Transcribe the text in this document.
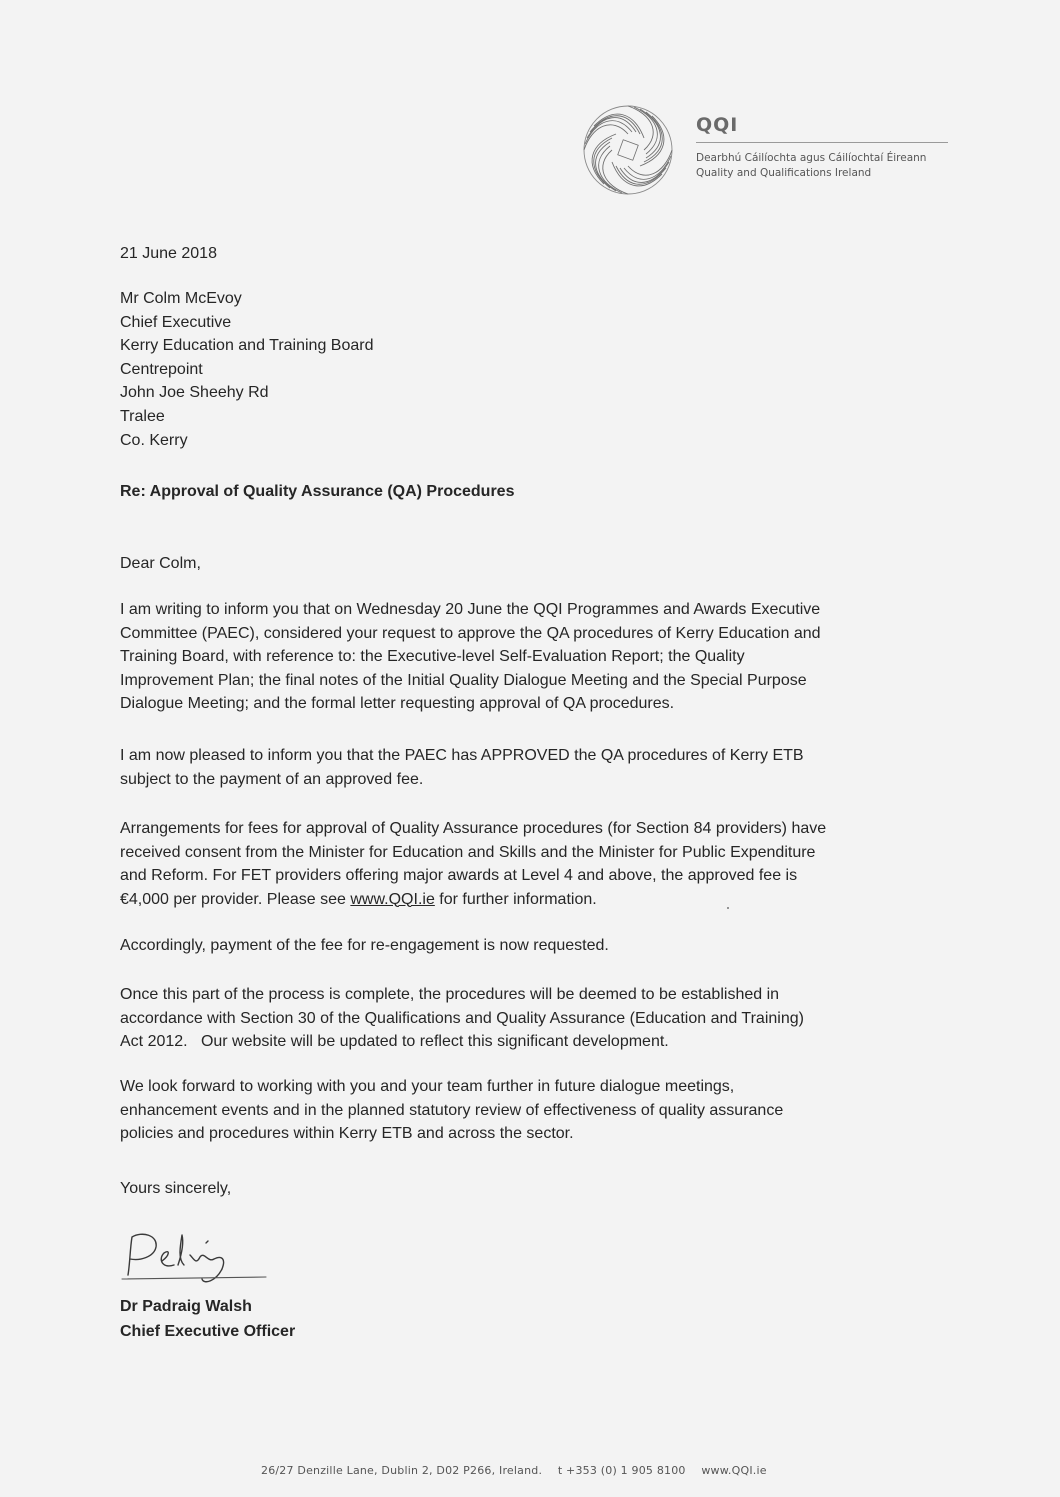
QQI
Dearbhú Cáilíochta agus Cáilíochtaí Éireann
Quality and Qualifications Ireland

21 June 2018

Mr Colm McEvoy
Chief Executive
Kerry Education and Training Board
Centrepoint
John Joe Sheehy Rd
Tralee
Co. Kerry

Re: Approval of Quality Assurance (QA) Procedures

Dear Colm,

I am writing to inform you that on Wednesday 20 June the QQI Programmes and Awards Executive
Committee (PAEC), considered your request to approve the QA procedures of Kerry Education and
Training Board, with reference to: the Executive-level Self-Evaluation Report; the Quality
Improvement Plan; the final notes of the Initial Quality Dialogue Meeting and the Special Purpose
Dialogue Meeting; and the formal letter requesting approval of QA procedures.
I am now pleased to inform you that the PAEC has APPROVED the QA procedures of Kerry ETB
subject to the payment of an approved fee.
Arrangements for fees for approval of Quality Assurance procedures (for Section 84 providers) have
received consent from the Minister for Education and Skills and the Minister for Public Expenditure
and Reform. For FET providers offering major awards at Level 4 and above, the approved fee is
€4,000 per provider. Please see www.QQI.ie for further information.

Accordingly, payment of the fee for re-engagement is now requested.

Once this part of the process is complete, the procedures will be deemed to be established in
accordance with Section 30 of the Qualifications and Quality Assurance (Education and Training)
Act 2012.   Our website will be updated to reflect this significant development.
We look forward to working with you and your team further in future dialogue meetings,
enhancement events and in the planned statutory review of effectiveness of quality assurance
policies and procedures within Kerry ETB and across the sector.

Yours sincerely,

Dr Padraig Walsh

Chief Executive Officer

26/27 Denzille Lane, Dublin 2, D02 P266, Ireland. t +353 (0) 1 905 8100 www.QQI.ie
